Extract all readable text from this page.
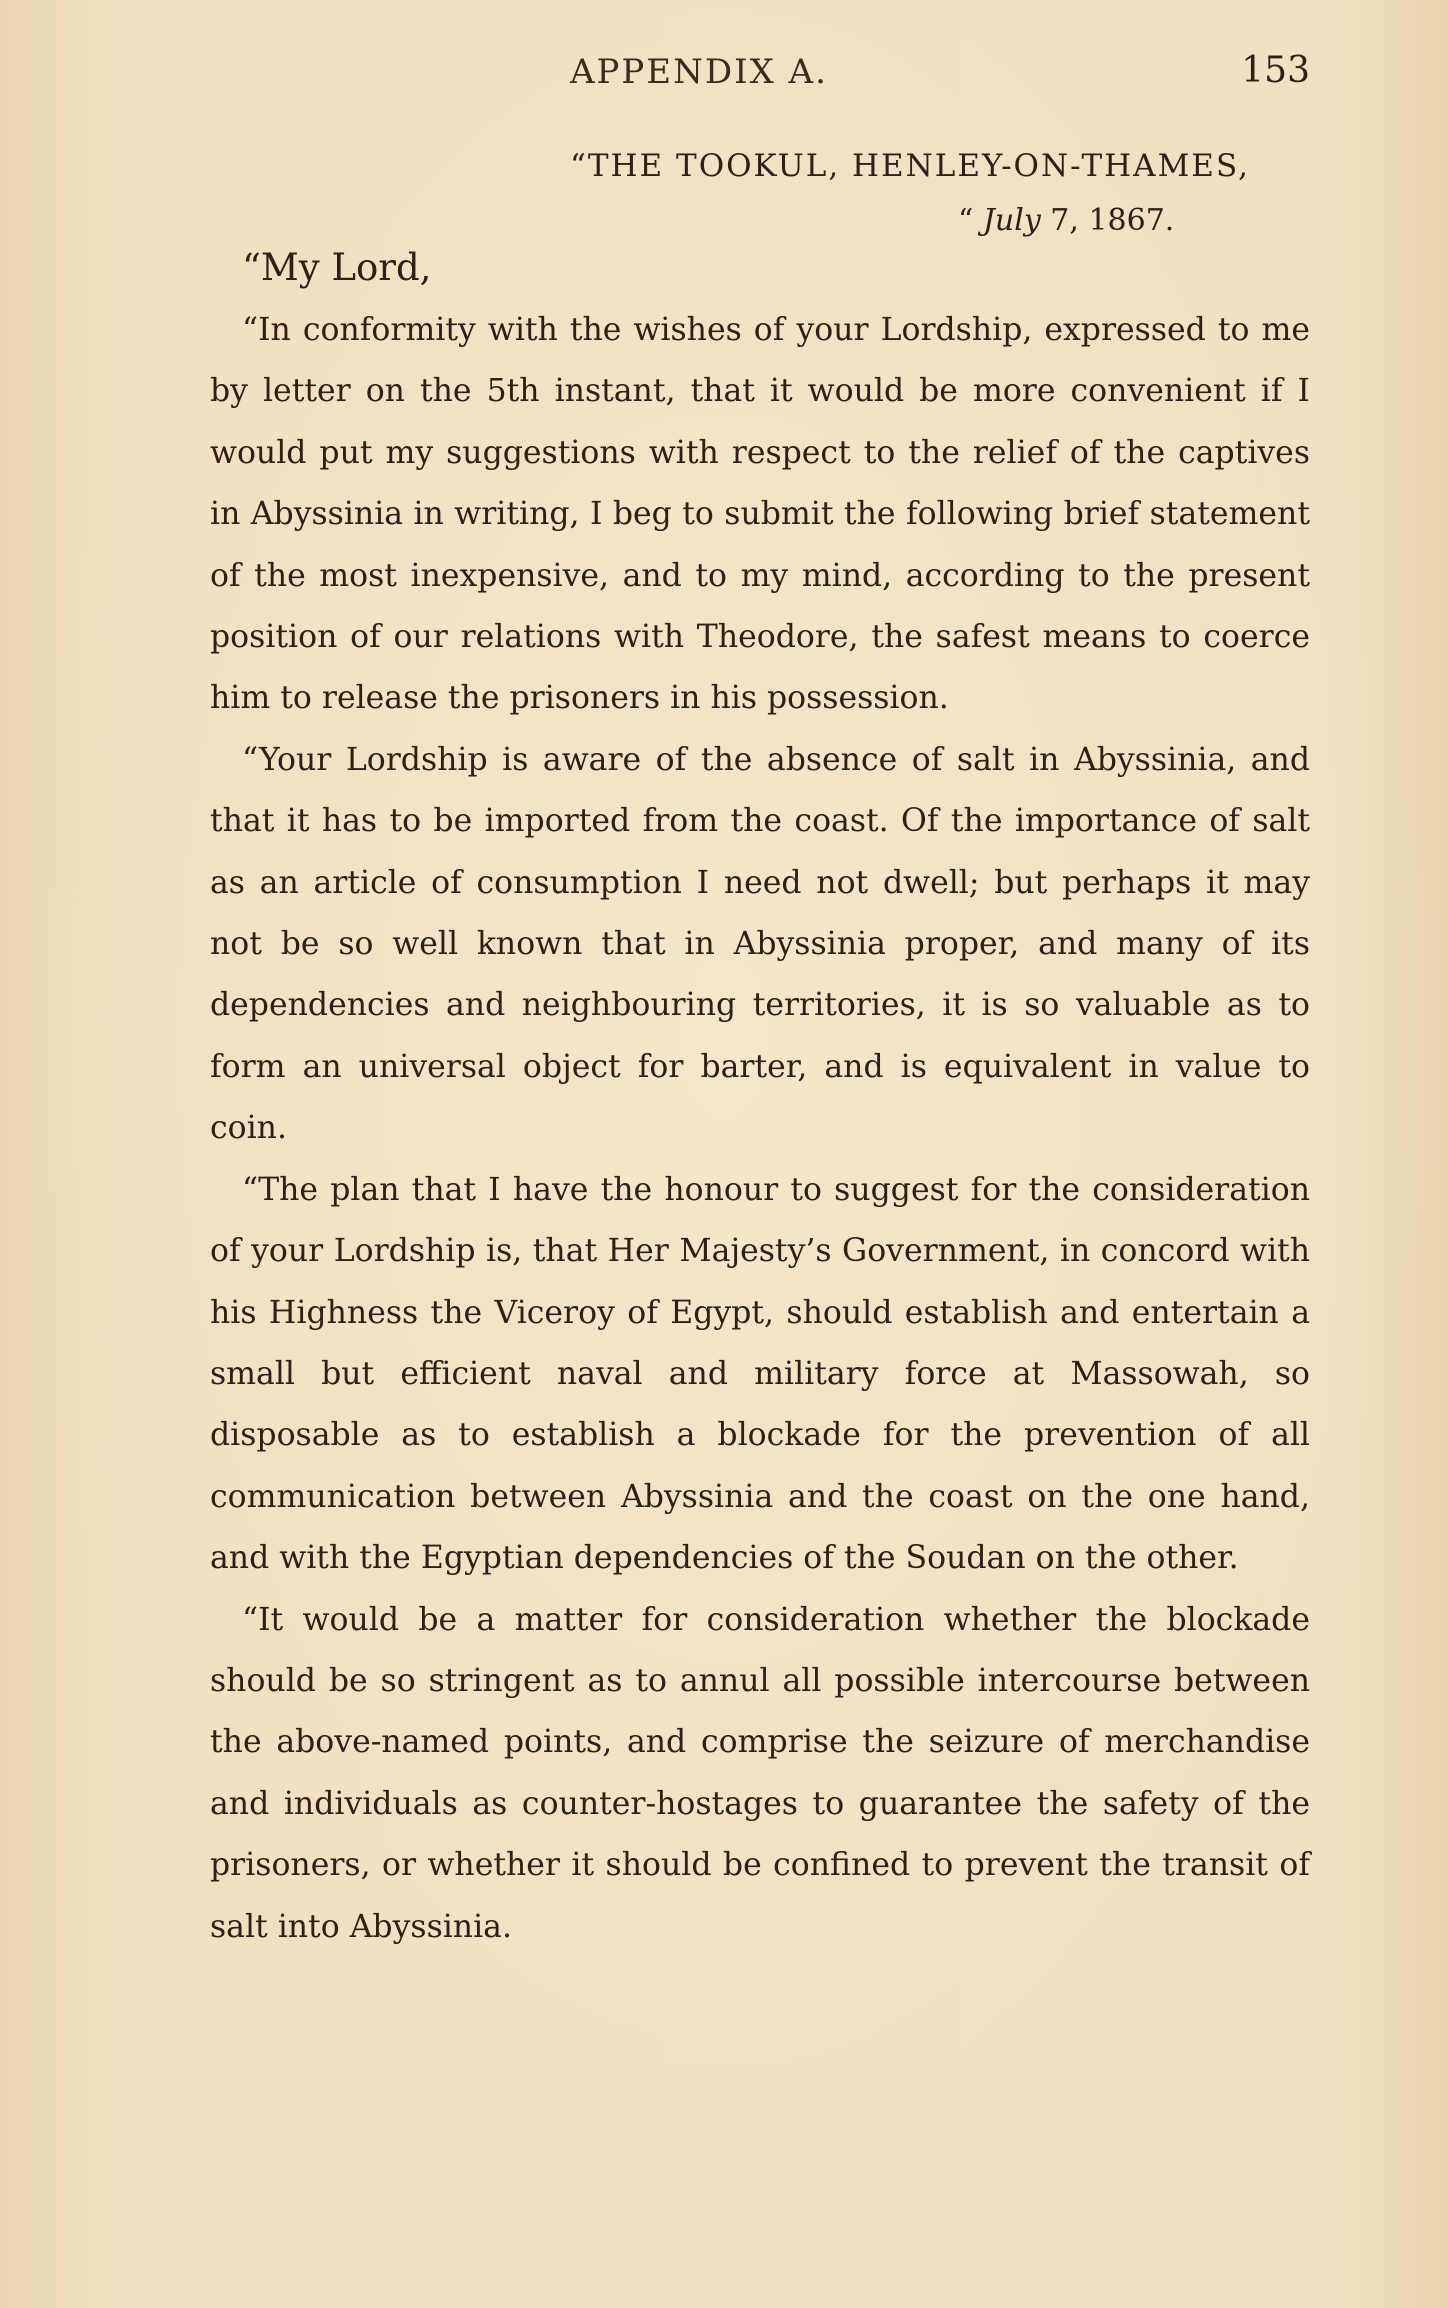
APPENDIX A.	153
“THE TOOKUL, HENLEY-ON-THAMES,
“ July 7, 1867.
“My Lord,

“In conformity with the wishes of your Lordship, expressed to me by letter on the 5th instant, that it would be more convenient if I would put my suggestions with respect to the relief of the captives in Abyssinia in writing, I beg to submit the following brief statement of the most inexpensive, and to my mind, according to the present position of our relations with Theodore, the safest means to coerce him to release the prisoners in his possession.

“Your Lordship is aware of the absence of salt in Abyssinia, and that it has to be imported from the coast. Of the importance of salt as an article of consumption I need not dwell; but perhaps it may not be so well known that in Abyssinia proper, and many of its dependencies and neighbouring territories, it is so valuable as to form an universal object for barter, and is equivalent in value to coin.

“The plan that I have the honour to suggest for the consideration of your Lordship is, that Her Majesty’s Government, in concord with his Highness the Viceroy of Egypt, should establish and entertain a small but efficient naval and military force at Massowah, so disposable as to establish a blockade for the prevention of all communication between Abyssinia and the coast on the one hand, and with the Egyptian dependencies of the Soudan on the other.

“It would be a matter for consideration whether the blockade should be so stringent as to annul all possible intercourse between the above-named points, and comprise the seizure of merchandise and individuals as counter-hostages to guarantee the safety of the prisoners, or whether it should be confined to prevent the transit of salt into Abyssinia.
